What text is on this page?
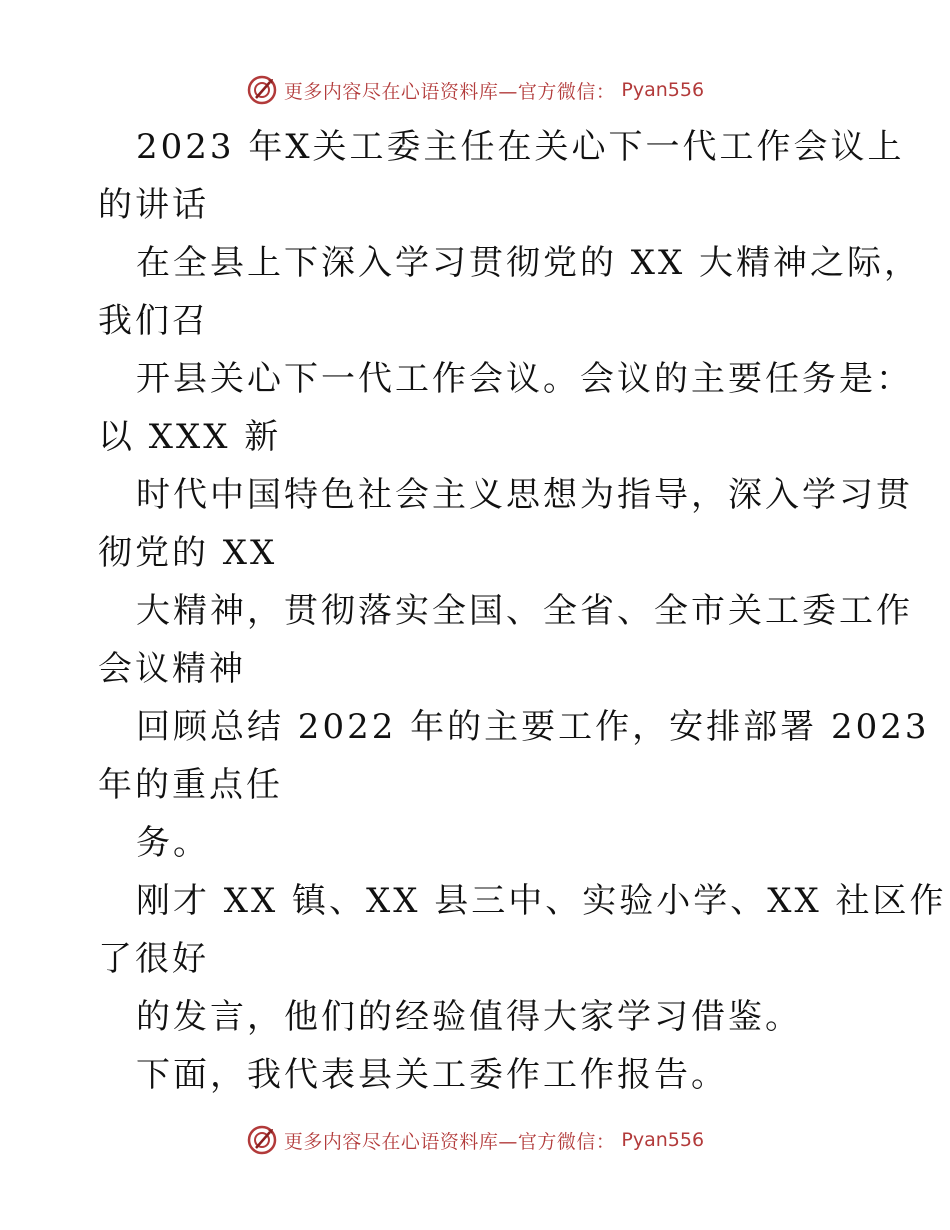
更多内容尽在心语资料库—官方微信： Pyan556
2023 年X关工委主任在关心下一代工作会议上
的讲话
在全县上下深入学习贯彻党的 XX 大精神之际，
我们召
开县关心下一代工作会议。会议的主要任务是：
以 XXX 新
时代中国特色社会主义思想为指导，深入学习贯
彻党的 XX
大精神，贯彻落实全国、全省、全市关工委工作
会议精神
回顾总结 2022 年的主要工作，安排部署 2023
年的重点任
务。
刚才 XX 镇、XX 县三中、实验小学、XX 社区作
了很好
的发言，他们的经验值得大家学习借鉴。
下面，我代表县关工委作工作报告。
更多内容尽在心语资料库—官方微信： Pyan556
